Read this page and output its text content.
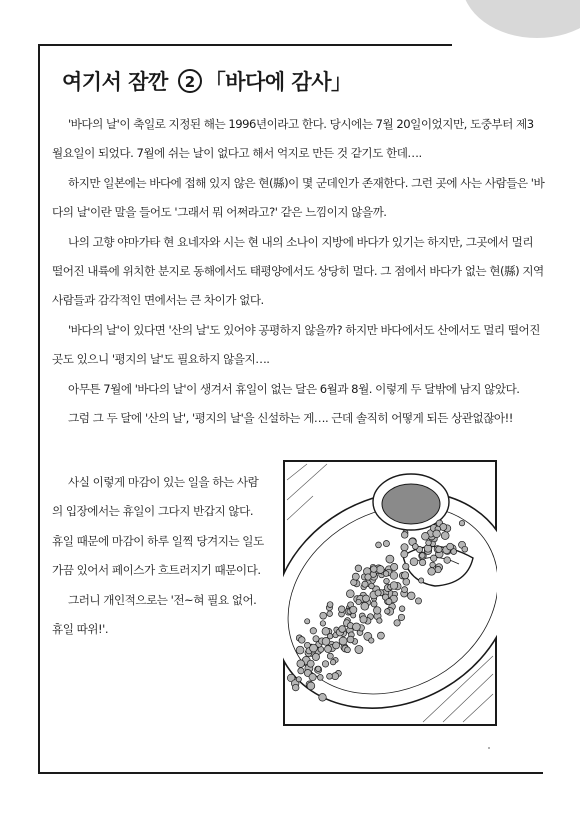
여기서 잠깐	2 「바다에 감사」

'바다의 날'이 축일로 지정된 해는 1996년이라고 한다. 당시에는 7월 20일이었지만, 도중부터 제3 월요일이 되었다. 7월에 쉬는 날이 없다고 해서 억지로 만든 것 같기도 한데….

하지만 일본에는 바다에 접해 있지 않은 현(縣)이 몇 군데인가 존재한다. 그런 곳에 사는 사람들은 '바다의 날'이란 말을 들어도 '그래서 뭐 어쩌라고?' 같은 느낌이지 않을까.

나의 고향 야마가타 현 요네자와 시는 현 내의 소나이 지방에 바다가 있기는 하지만, 그곳에서 멀리 떨어진 내륙에 위치한 분지로 동해에서도 태평양에서도 상당히 멀다. 그 점에서 바다가 없는 현(縣) 지역 사람들과 감각적인 면에서는 큰 차이가 없다.

'바다의 날'이 있다면 '산의 날'도 있어야 공평하지 않을까? 하지만 바다에서도 산에서도 멀리 떨어진 곳도 있으니 '평지의 날'도 필요하지 않을지….

아무튼 7월에 '바다의 날'이 생겨서 휴일이 없는 달은 6월과 8월. 이렇게 두 달밖에 남지 않았다.

그럼 그 두 달에 '산의 날', '평지의 날'을 신설하는 게…. 근데 솔직히 어떻게 되든 상관없잖아!!

사실 이렇게 마감이 있는 일을 하는 사람의 입장에서는 휴일이 그다지 반갑지 않다. 휴일 때문에 마감이 하루 일찍 당겨지는 일도 가끔 있어서 페이스가 흐트러지기 때문이다.

그러니 개인적으로는 '전~혀 필요 없어. 휴일 따위!'.
